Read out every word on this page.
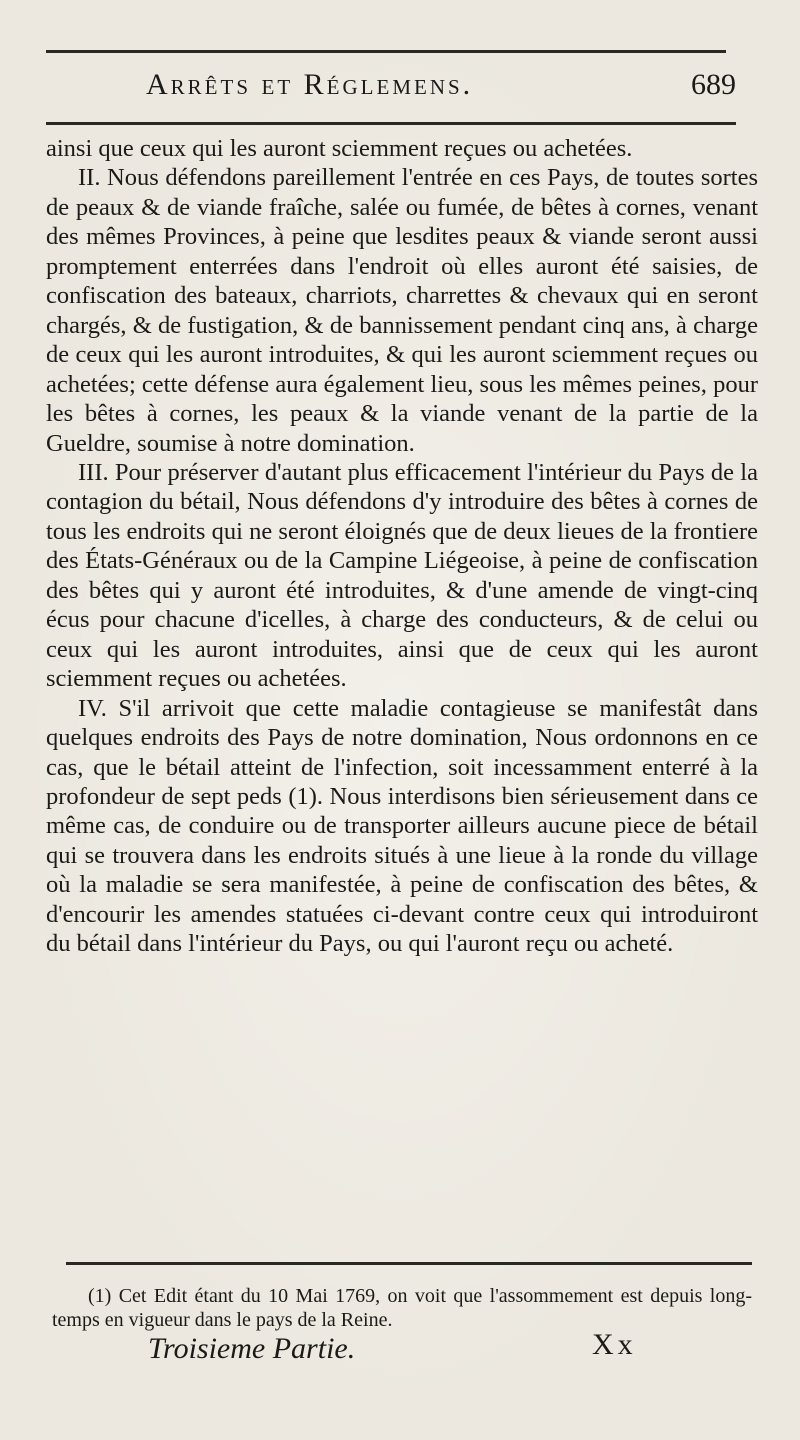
Arrêts et Réglemens.	689

ainsi que ceux qui les auront sciemment reçues ou achetées.

II. Nous défendons pareillement l'entrée en ces Pays, de toutes sortes de peaux & de viande fraîche, salée ou fumée, de bêtes à cornes, venant des mêmes Provinces, à peine que lesdites peaux & viande seront aussi promptement enterrées dans l'endroit où elles auront été saisies, de confiscation des bateaux, charriots, charrettes & chevaux qui en seront chargés, & de fustigation, & de bannissement pendant cinq ans, à charge de ceux qui les auront introduites, & qui les auront sciemment reçues ou achetées; cette défense aura également lieu, sous les mêmes peines, pour les bêtes à cornes, les peaux & la viande venant de la partie de la Gueldre, soumise à notre domination.

III. Pour préserver d'autant plus efficacement l'intérieur du Pays de la contagion du bétail, Nous défendons d'y introduire des bêtes à cornes de tous les endroits qui ne seront éloignés que de deux lieues de la frontiere des États-Généraux ou de la Campine Liégeoise, à peine de confiscation des bêtes qui y auront été introduites, & d'une amende de vingt-cinq écus pour chacune d'icelles, à charge des conducteurs, & de celui ou ceux qui les auront introduites, ainsi que de ceux qui les auront sciemment reçues ou achetées.

IV. S'il arrivoit que cette maladie contagieuse se manifestât dans quelques endroits des Pays de notre domination, Nous ordonnons en ce cas, que le bétail atteint de l'infection, soit incessamment enterré à la profondeur de sept peds (1). Nous interdisons bien sérieusement dans ce même cas, de conduire ou de transporter ailleurs aucune piece de bétail qui se trouvera dans les endroits situés à une lieue à la ronde du village où la maladie se sera manifestée, à peine de confiscation des bêtes, & d'encourir les amendes statuées ci-devant contre ceux qui introduiront du bétail dans l'intérieur du Pays, ou qui l'auront reçu ou acheté.

(1) Cet Edit étant du 10 Mai 1769, on voit que l'assommement est depuis long-temps en vigueur dans le pays de la Reine.

Troisieme Partie.	Xx
